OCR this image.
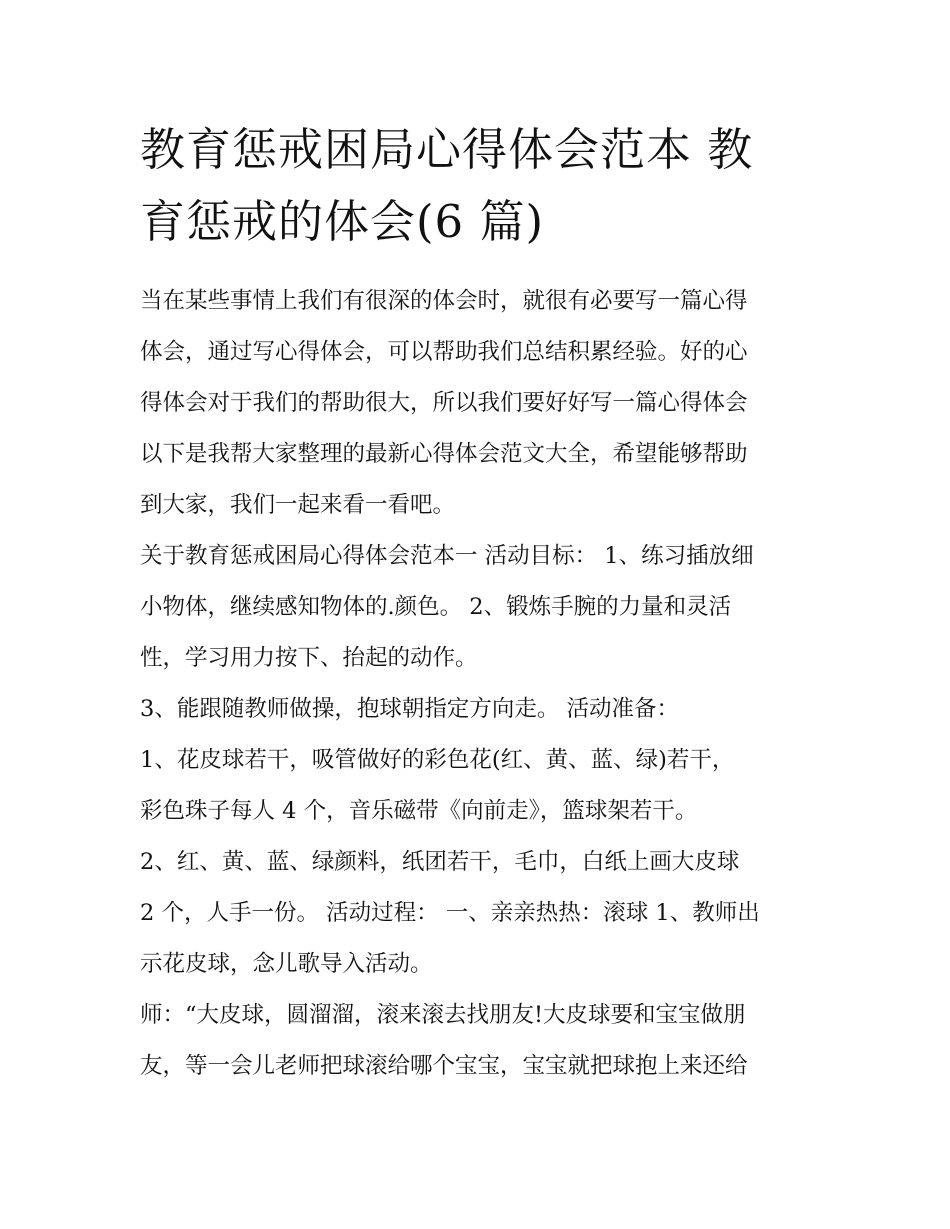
教育惩戒困局心得体会范本 教
育惩戒的体会(6 篇)
当在某些事情上我们有很深的体会时，就很有必要写一篇心得
体会，通过写心得体会，可以帮助我们总结积累经验。好的心
得体会对于我们的帮助很大，所以我们要好好写一篇心得体会
以下是我帮大家整理的最新心得体会范文大全，希望能够帮助
到大家，我们一起来看一看吧。
关于教育惩戒困局心得体会范本一 活动目标： 1、练习插放细
小物体，继续感知物体的.颜色。 2、锻炼手腕的力量和灵活
性，学习用力按下、抬起的动作。
3、能跟随教师做操，抱球朝指定方向走。 活动准备：
1、花皮球若干，吸管做好的彩色花(红、黄、蓝、绿)若干，
彩色珠子每人 4 个，音乐磁带《向前走》，篮球架若干。
2、红、黄、蓝、绿颜料，纸团若干，毛巾，白纸上画大皮球
2 个，人手一份。 活动过程： 一、亲亲热热：滚球 1、教师出
示花皮球，念儿歌导入活动。
师：“大皮球，圆溜溜，滚来滚去找朋友!大皮球要和宝宝做朋
友，等一会儿老师把球滚给哪个宝宝，宝宝就把球抱上来还给
